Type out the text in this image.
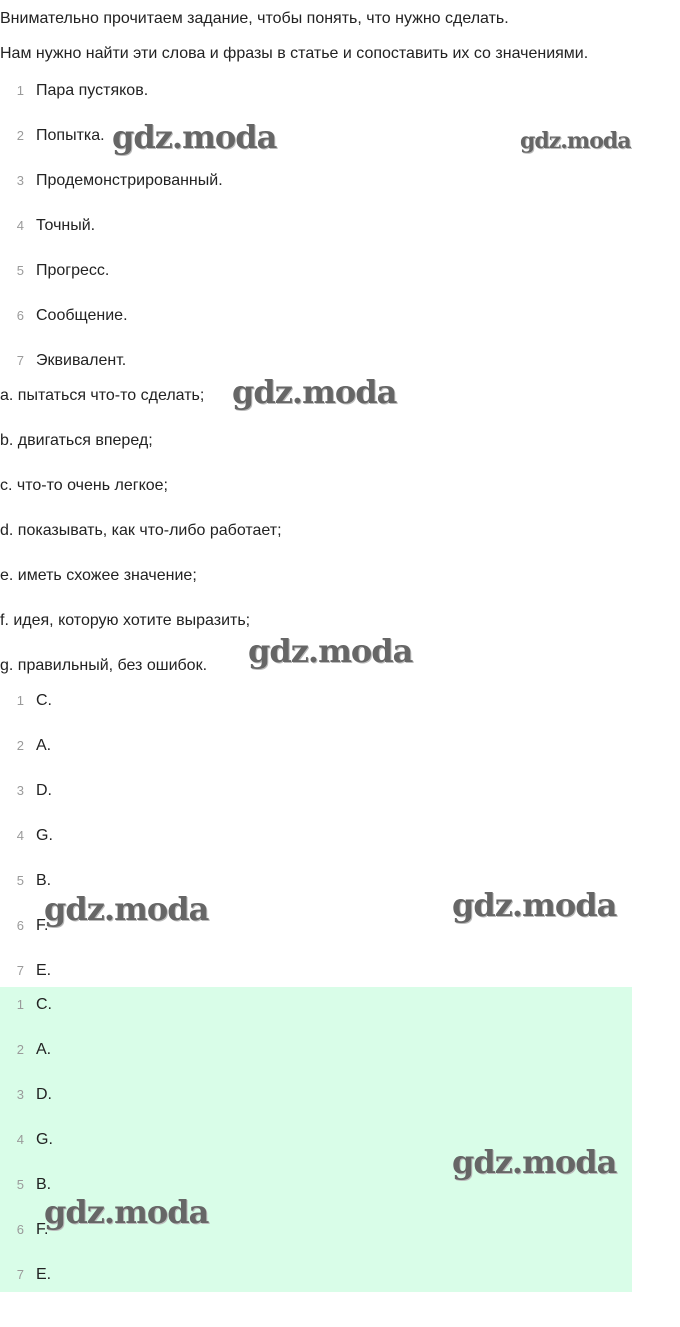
Внимательно прочитаем задание, чтобы понять, что нужно сделать.
Нам нужно найти эти слова и фразы в статье и сопоставить их со значениями.
1 Пара пустяков.
2 Попытка.
3 Продемонстрированный.
4 Точный.
5 Прогресс.
6 Сообщение.
7 Эквивалент.
a. пытаться что-то сделать;
b. двигаться вперед;
c. что-то очень легкое;
d. показывать, как что-либо работает;
e. иметь схожее значение;
f. идея, которую хотите выразить;
g. правильный, без ошибок.
1 C.
2 A.
3 D.
4 G.
5 B.
6 F.
7 E.
1 C.
2 A.
3 D.
4 G.
5 B.
6 F.
7 E.
gdz.moda	gdz.moda
gdz.moda
gdz.moda
gdz.moda	gdz.moda
gdz.moda
gdz.moda
